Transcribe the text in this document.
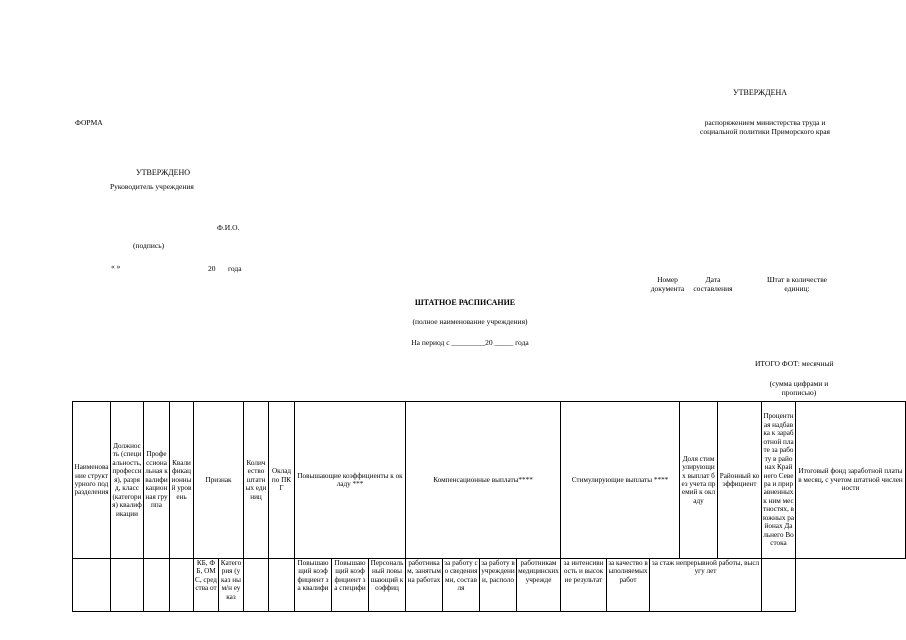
УТВЕРЖДЕНА
ФОРМА	распоряжением министерства труда и социальной политики Приморского края
УТВЕРЖДЕНО
Руководитель учреждения
Ф.И.О.
(подпись)
« »	20 года
Номер документа
Дата составления
Штат в количестве единиц:
ШТАТНОЕ РАСПИСАНИЕ
(полное наименование учреждения)
На период с _________20 _____ года
ИТОГО ФОТ: месячный
(сумма цифрами и прописью)
Наименование структурного подразделения	Должность (специальность, профессия), разряд, класс (категория) квалификации	Профессиональная квалификационная группа	Квалификационный уровень	Признак		Количество штатных единиц	Оклад по ПКГ	Повышающие коэффициенты к окладу ***			Компенсационные выплаты****				Стимулирующие выплаты ****			Доля стимулирующих выплат без учета премий к окладу	Районный коэффициент	Процентная надбавка к заработной плате за работу в районах Крайнего Севера и приравненных к ним местностях, в южных районах Дальнего Востока	Итоговый фонд заработной платы в месяц, с учетом штатной численности

				КБ, ФБ, ОМС, средства от	Категория (указ ным/н еуказ			Повышающий коэффициент за квалифи	Повышающий коэффициент за специфи	Персональный повышающий коэффиц	работникам, занятым на работах	за работу со сведениями, составля	за работу в учреждении, располо	работникам медицинских учрежде	за интенсивность и высокие результат	за качество выполняемых работ	за стаж непрерывной работы, выслугу лет				
